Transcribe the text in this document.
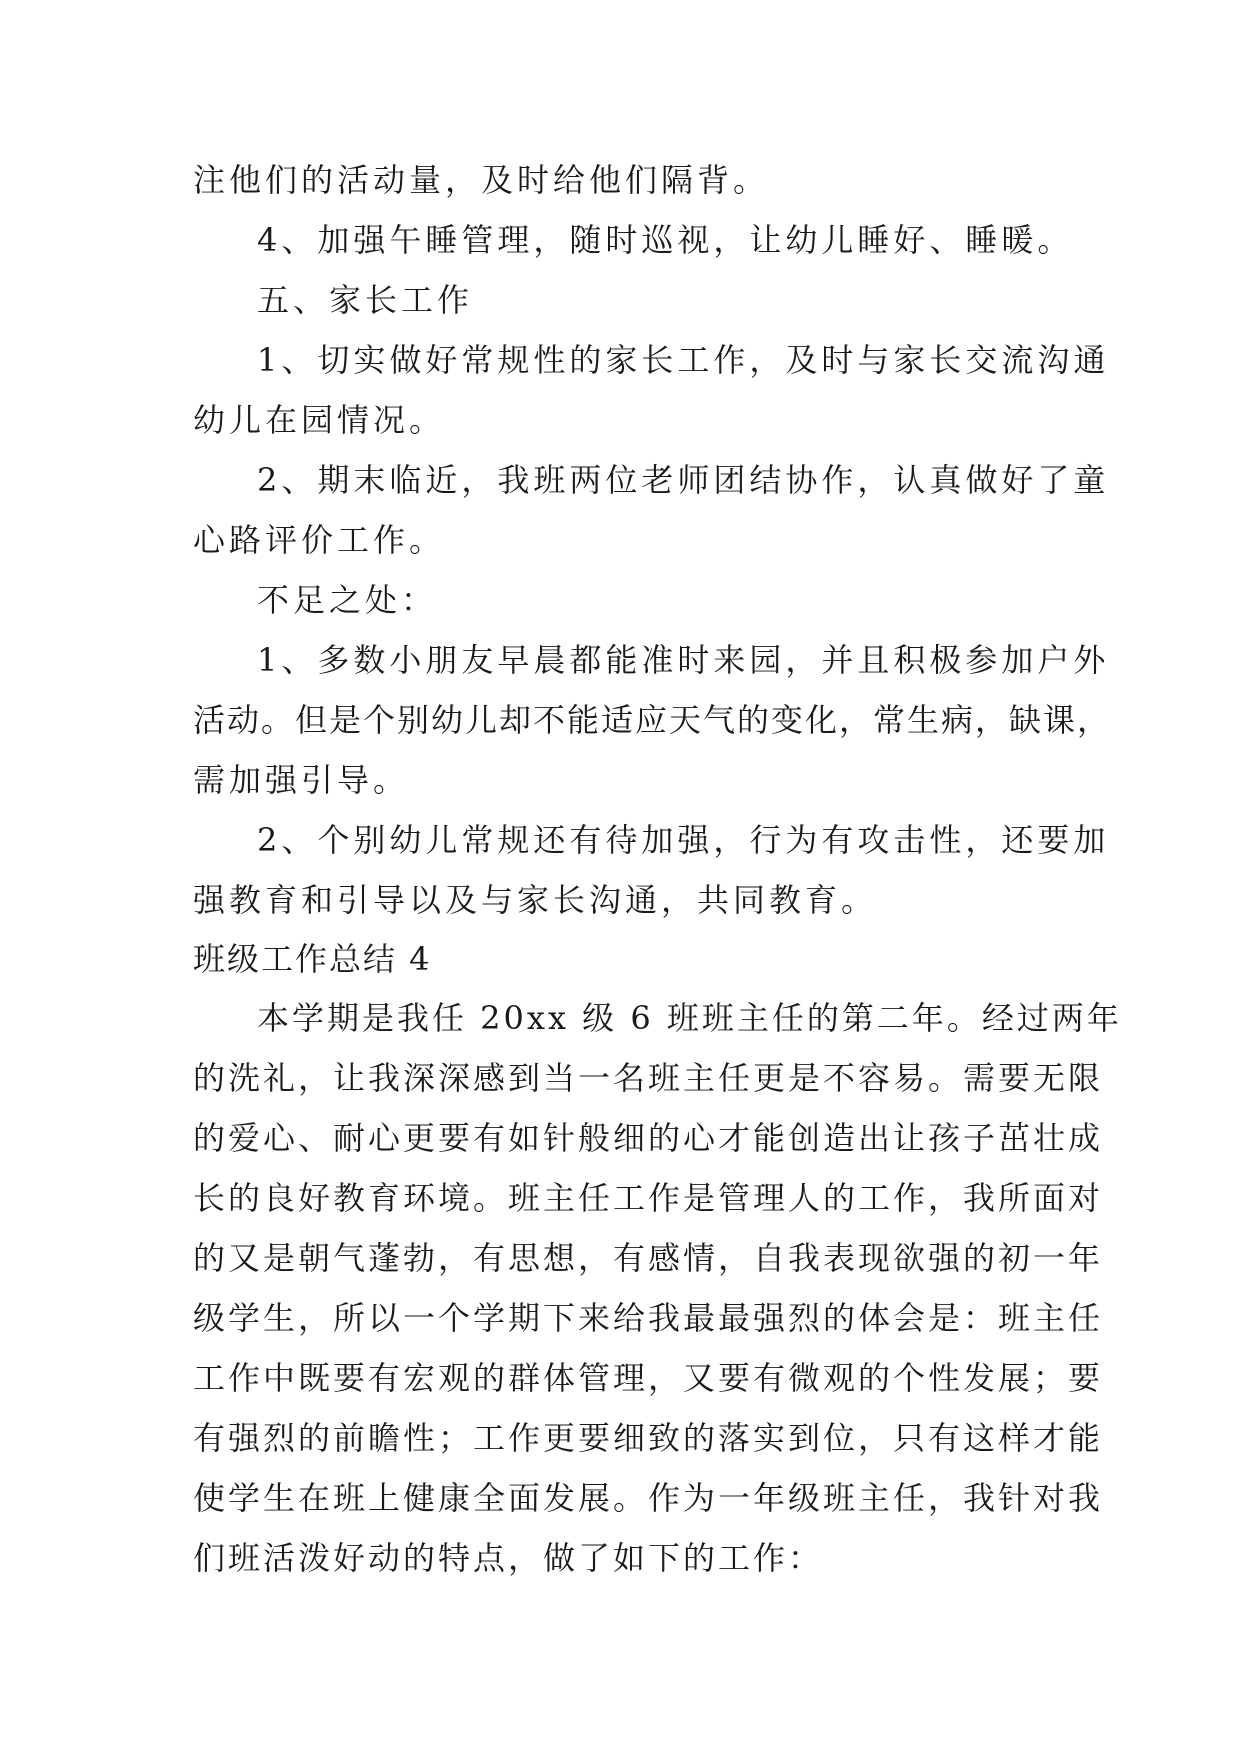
注他们的活动量，及时给他们隔背。

4、加强午睡管理，随时巡视，让幼儿睡好、睡暖。

五、家长工作

1、切实做好常规性的家长工作，及时与家长交流沟通

幼儿在园情况。

2、期末临近，我班两位老师团结协作，认真做好了童

心路评价工作。

不足之处：

1、多数小朋友早晨都能准时来园，并且积极参加户外

活动。但是个别幼儿却不能适应天气的变化，常生病，缺课，

需加强引导。

2、个别幼儿常规还有待加强，行为有攻击性，还要加

强教育和引导以及与家长沟通，共同教育。

班级工作总结 4

本学期是我任 20xx 级 6 班班主任的第二年。经过两年

的洗礼，让我深深感到当一名班主任更是不容易。需要无限

的爱心、耐心更要有如针般细的心才能创造出让孩子茁壮成

长的良好教育环境。班主任工作是管理人的工作，我所面对

的又是朝气蓬勃，有思想，有感情，自我表现欲强的初一年

级学生，所以一个学期下来给我最最强烈的体会是：班主任

工作中既要有宏观的群体管理，又要有微观的个性发展；要

有强烈的前瞻性；工作更要细致的落实到位，只有这样才能

使学生在班上健康全面发展。作为一年级班主任，我针对我

们班活泼好动的特点，做了如下的工作：
